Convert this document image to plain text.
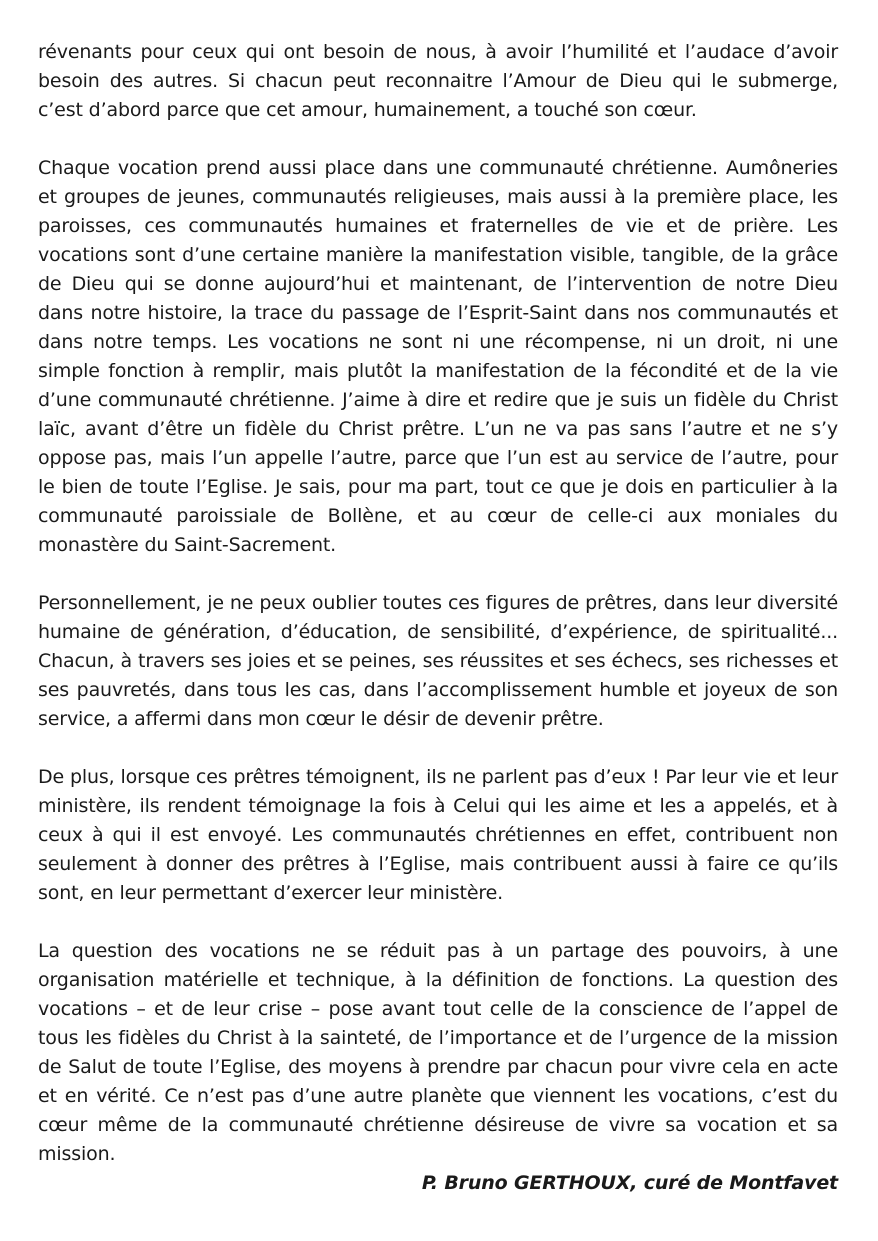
révenants pour ceux qui ont besoin de nous, à avoir l’humilité et l’audace d’avoir besoin des autres. Si chacun peut reconnaitre l’Amour de Dieu qui le submerge, c’est d’abord parce que cet amour, humainement, a touché son cœur.

Chaque vocation prend aussi place dans une communauté chrétienne. Aumôneries et groupes de jeunes, communautés religieuses, mais aussi à la première place, les paroisses, ces communautés humaines et fraternelles de vie et de prière. Les vocations sont d’une certaine manière la manifestation visible, tangible, de la grâce de Dieu qui se donne aujourd’hui et maintenant, de l’intervention de notre Dieu dans notre histoire, la trace du passage de l’Esprit-Saint dans nos communautés et dans notre temps. Les vocations ne sont ni une récompense, ni un droit, ni une simple fonction à remplir, mais plutôt la manifestation de la fécondité et de la vie d’une communauté chrétienne. J’aime à dire et redire que je suis un fidèle du Christ laïc, avant d’être un fidèle du Christ prêtre. L’un ne va pas sans l’autre et ne s’y oppose pas, mais l’un appelle l’autre, parce que l’un est au service de l’autre, pour le bien de toute l’Eglise. Je sais, pour ma part, tout ce que je dois en particulier à la communauté paroissiale de Bollène, et au cœur de celle-ci aux moniales du monastère du Saint-Sacrement.

Personnellement, je ne peux oublier toutes ces figures de prêtres, dans leur diversité humaine de génération, d’éducation, de sensibilité, d’expérience, de spiritualité... Chacun, à travers ses joies et se peines, ses réussites et ses échecs, ses richesses et ses pauvretés, dans tous les cas, dans l’accomplissement humble et joyeux de son service, a affermi dans mon cœur le désir de devenir prêtre.

De plus, lorsque ces prêtres témoignent, ils ne parlent pas d’eux ! Par leur vie et leur ministère, ils rendent témoignage la fois à Celui qui les aime et les a appelés, et à ceux à qui il est envoyé. Les communautés chrétiennes en effet, contribuent non seulement à donner des prêtres à l’Eglise, mais contribuent aussi à faire ce qu’ils sont, en leur permettant d’exercer leur ministère.

La question des vocations ne se réduit pas à un partage des pouvoirs, à une organisation matérielle et technique, à la définition de fonctions. La question des vocations – et de leur crise – pose avant tout celle de la conscience de l’appel de tous les fidèles du Christ à la sainteté, de l’importance et de l’urgence de la mission de Salut de toute l’Eglise, des moyens à prendre par chacun pour vivre cela en acte et en vérité. Ce n’est pas d’une autre planète que viennent les vocations, c’est du cœur même de la communauté chrétienne désireuse de vivre sa vocation et sa mission.

P. Bruno GERTHOUX, curé de Montfavet
